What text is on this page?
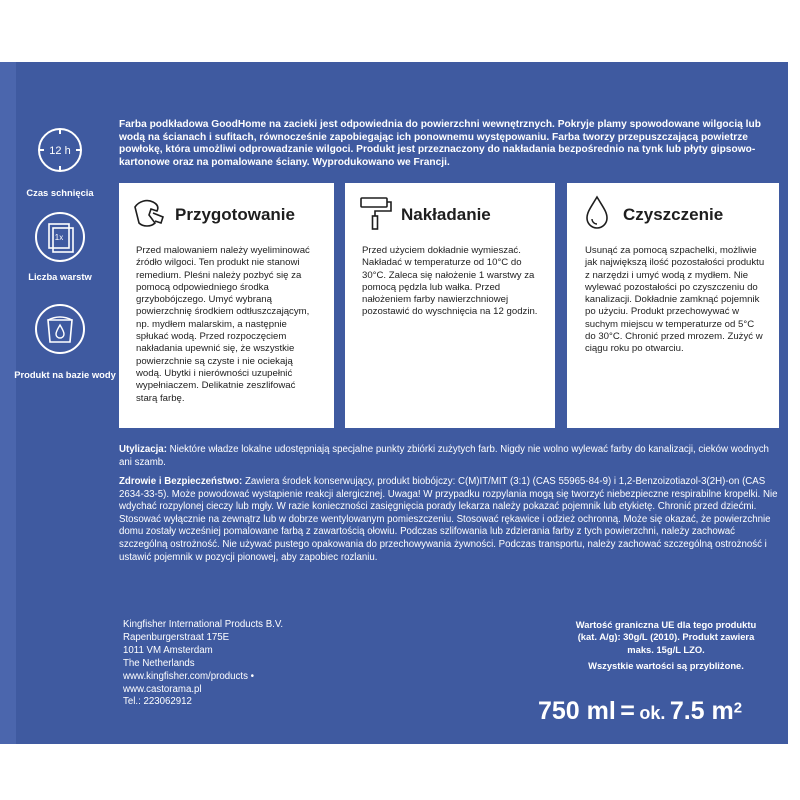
Farba podkładowa GoodHome na zacieki jest odpowiednia do powierzchni wewnętrznych. Pokryje plamy spowodowane wilgocią lub wodą na ścianach i sufitach, równocześnie zapobiegając ich ponownemu występowaniu. Farba tworzy przepuszczającą powietrze powłokę, która umożliwi odprowadzanie wilgoci. Produkt jest przeznaczony do nakładania bezpośrednio na tynk lub płyty gipsowo-kartonowe oraz na pomalowane ściany. Wyprodukowano we Francji.
12 h
Czas schnięcia
1x
Liczba warstw
Produkt na bazie wody
Przygotowanie
Przed malowaniem należy wyeliminować źródło wilgoci. Ten produkt nie stanowi remedium. Pleśni należy pozbyć się za pomocą odpowiedniego środka grzybobójczego. Umyć wybraną powierzchnię środkiem odtłuszczającym, np. mydłem malarskim, a następnie spłukać wodą. Przed rozpoczęciem nakładania upewnić się, że wszystkie powierzchnie są czyste i nie ociekają wodą. Ubytki i nierówności uzupełnić wypełniaczem. Delikatnie zeszlifować starą farbę.
Nakładanie
Przed użyciem dokładnie wymieszać. Nakładać w temperaturze od 10°C do 30°C. Zaleca się nałożenie 1 warstwy za pomocą pędzla lub wałka. Przed nałożeniem farby nawierzchniowej pozostawić do wyschnięcia na 12 godzin.
Czyszczenie
Usunąć za pomocą szpachelki, możliwie jak największą ilość pozostałości produktu z narzędzi i umyć wodą z mydłem. Nie wylewać pozostałości po czyszczeniu do kanalizacji. Dokładnie zamknąć pojemnik po użyciu. Produkt przechowywać w suchym miejscu w temperaturze od 5°C do 30°C. Chronić przed mrozem. Zużyć w ciągu roku po otwarciu.
Utylizacja: Niektóre władze lokalne udostępniają specjalne punkty zbiórki zużytych farb. Nigdy nie wolno wylewać farby do kanalizacji, cieków wodnych ani szamb.
Zdrowie i Bezpieczeństwo: Zawiera środek konserwujący, produkt biobójczy: C(M)IT/MIT (3:1) (CAS 55965-84-9) i 1,2-Benzoizotiazol-3(2H)-on (CAS 2634-33-5). Może powodować wystąpienie reakcji alergicznej. Uwaga! W przypadku rozpylania mogą się tworzyć niebezpieczne respirabilne kropelki. Nie wdychać rozpylonej cieczy lub mgły. W razie konieczności zasięgnięcia porady lekarza należy pokazać pojemnik lub etykietę. Chronić przed dziećmi. Stosować wyłącznie na zewnątrz lub w dobrze wentylowanym pomieszczeniu. Stosować rękawice i odzież ochronną. Może się okazać, że powierzchnie domu zostały wcześniej pomalowane farbą z zawartością ołowiu. Podczas szlifowania lub zdzierania farby z tych powierzchni, należy zachować szczególną ostrożność. Nie używać pustego opakowania do przechowywania żywności. Podczas transportu, należy zachować szczególną ostrożność i ustawić pojemnik w pozycji pionowej, aby zapobiec rozlaniu.
Kingfisher International Products B.V.
Rapenburgerstraat 175E
1011 VM Amsterdam
The Netherlands
www.kingfisher.com/products •
www.castorama.pl
Tel.: 223062912
Wartość graniczna UE dla tego produktu (kat. A/g): 30g/L (2010). Produkt zawiera maks. 15g/L LZO.
Wszystkie wartości są przybliżone.
750 ml = ok. 7.5 $m^2$
